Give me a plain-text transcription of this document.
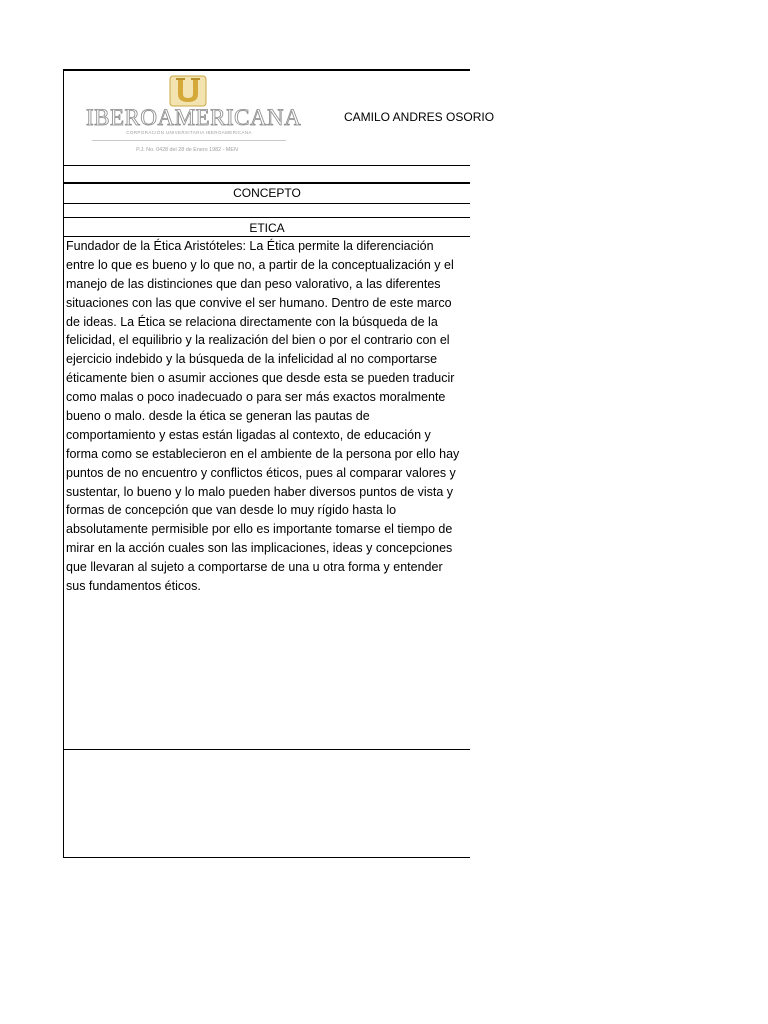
IBEROAMERICANA
CORPORACIÓN UNIVERSITARIA IBEROAMERICANA
P.J. No. 0428 del 28 de Enero 1982 - MEN
CAMILO ANDRES OSORIO
CONCEPTO
ETICA
Fundador de la Ética Aristóteles: La Ética permite la diferenciación
entre lo que es bueno y lo que no, a partir de la conceptualización y el
manejo de las distinciones que dan peso valorativo, a las diferentes
situaciones con las que convive el ser humano. Dentro de este marco
de ideas. La Ética se relaciona directamente con la búsqueda de la
felicidad, el equilibrio y la realización del bien o por el contrario con el
ejercicio indebido y la búsqueda de la infelicidad al no comportarse
éticamente bien o asumir acciones que desde esta se pueden traducir
como malas o poco inadecuado o para ser más exactos moralmente
bueno o malo. desde la ética se generan las pautas de
comportamiento y estas están ligadas al contexto, de educación y
forma como se establecieron en el ambiente de la persona por ello hay
puntos de no encuentro y conflictos éticos, pues al comparar valores y
sustentar, lo bueno y lo malo pueden haber diversos puntos de vista y
formas de concepción que van desde lo muy rígido hasta lo
absolutamente permisible por ello es importante tomarse el tiempo de
mirar en la acción cuales son las implicaciones, ideas y concepciones
que llevaran al sujeto a comportarse de una u otra forma y entender
sus fundamentos éticos.
